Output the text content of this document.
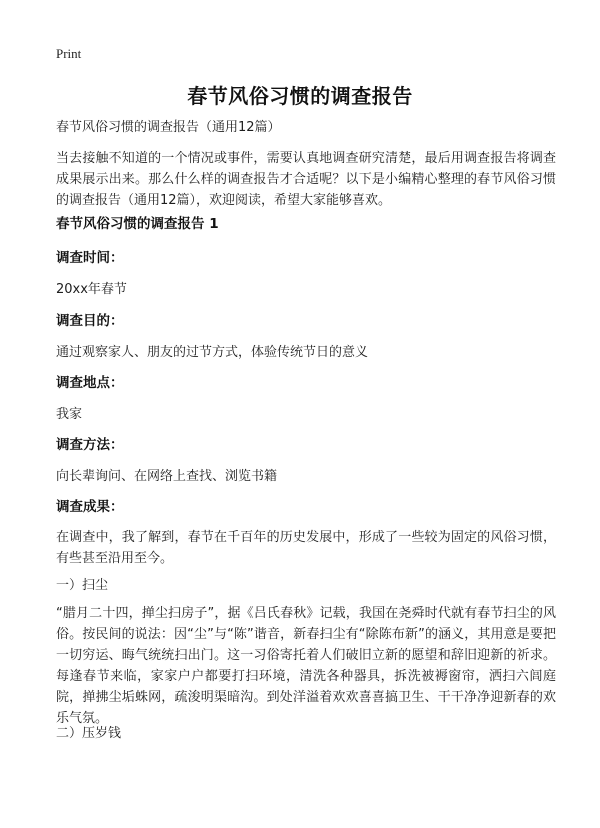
Print
春节风俗习惯的调查报告
春节风俗习惯的调查报告（通用12篇）
当去接触不知道的一个情况或事件，需要认真地调查研究清楚，最后用调查报告将调查成果展示出来。那么什么样的调查报告才合适呢？以下是小编精心整理的春节风俗习惯的调查报告（通用12篇），欢迎阅读，希望大家能够喜欢。
春节风俗习惯的调查报告 1
调查时间：
20xx年春节
调查目的：
通过观察家人、朋友的过节方式，体验传统节日的意义
调查地点：
我家
调查方法：
向长辈询问、在网络上查找、浏览书籍
调查成果：
在调查中，我了解到，春节在千百年的历史发展中，形成了一些较为固定的风俗习惯，有些甚至沿用至今。
一）扫尘
“腊月二十四，掸尘扫房子”，据《吕氏春秋》记载，我国在尧舜时代就有春节扫尘的风俗。按民间的说法：因“尘”与“陈”谐音，新春扫尘有“除陈布新”的涵义，其用意是要把一切穷运、晦气统统扫出门。这一习俗寄托着人们破旧立新的愿望和辞旧迎新的祈求。每逢春节来临，家家户户都要打扫环境，清洗各种器具，拆洗被褥窗帘，洒扫六闾庭院，掸拂尘垢蛛网，疏浚明渠暗沟。到处洋溢着欢欢喜喜搞卫生、干干净净迎新春的欢乐气氛。
二）压岁钱
